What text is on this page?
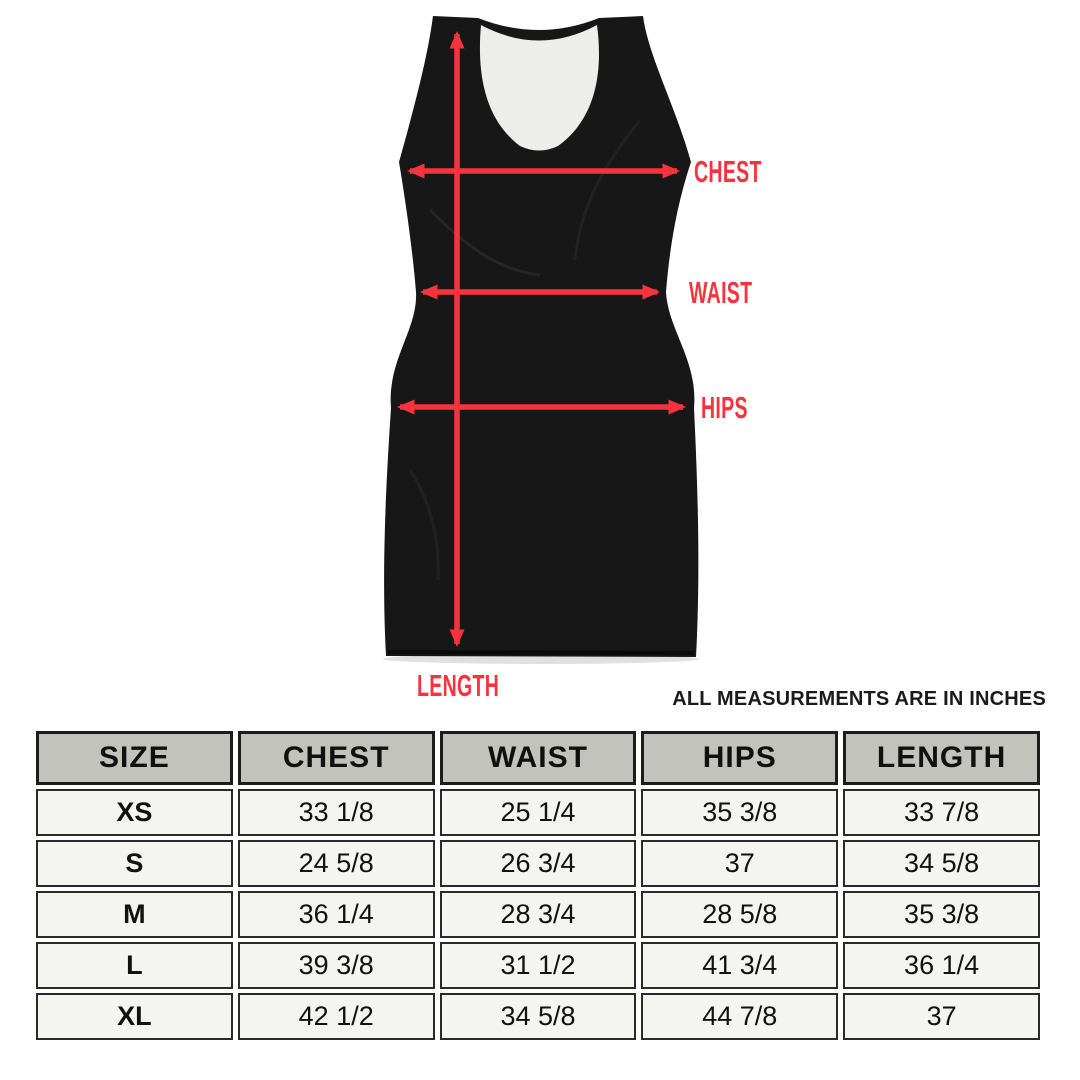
CHEST
WAIST
HIPS
LENGTH	ALL MEASUREMENTS ARE IN INCHES
SIZE	CHEST	WAIST	HIPS	LENGTH
XS	33 1/8	25 1/4	35 3/8	33 7/8
S	24 5/8	26 3/4	37	34 5/8
M	36 1/4	28 3/4	28 5/8	35 3/8
L	39 3/8	31 1/2	41 3/4	36 1/4
XL	42 1/2	34 5/8	44 7/8	37
